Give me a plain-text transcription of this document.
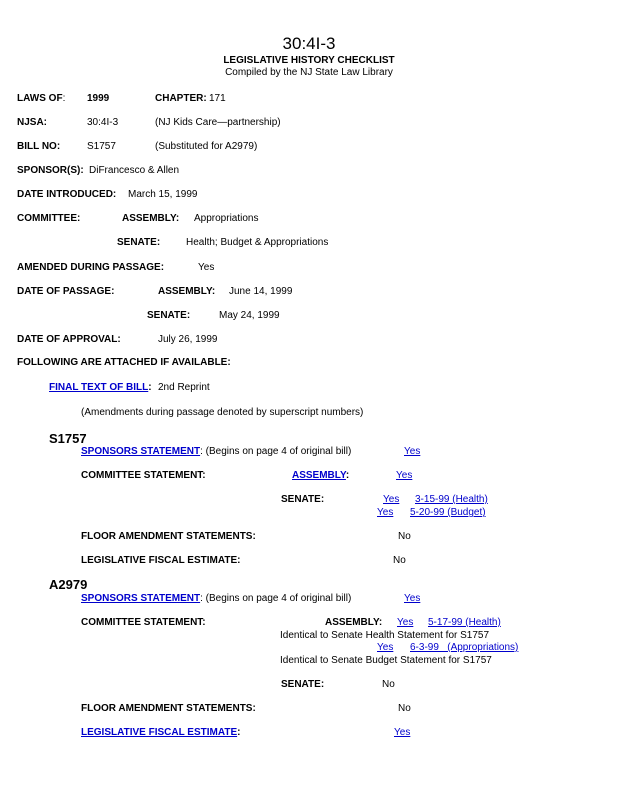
30:4I-3
LEGISLATIVE HISTORY CHECKLIST
Compiled by the NJ State Law Library
LAWS OF: 1999	CHAPTER: 171
NJSA:	30:4I-3	(NJ Kids Care—partnership)
BILL NO:	S1757	(Substituted for A2979)
SPONSOR(S): DiFrancesco & Allen
DATE INTRODUCED: March 15, 1999
COMMITTEE:	ASSEMBLY: Appropriations
SENATE:	Health; Budget & Appropriations
AMENDED DURING PASSAGE:	Yes
DATE OF PASSAGE:	ASSEMBLY: June 14, 1999
SENATE:	May 24, 1999
DATE OF APPROVAL:	July 26, 1999
FOLLOWING ARE ATTACHED IF AVAILABLE:
FINAL TEXT OF BILL: 2nd Reprint
(Amendments during passage denoted by superscript numbers)
S1757
SPONSORS STATEMENT: (Begins on page 4 of original bill)	Yes
COMMITTEE STATEMENT:	ASSEMBLY:	Yes
SENATE:	Yes 3-15-99 (Health)
Yes 5-20-99 (Budget)
FLOOR AMENDMENT STATEMENTS:	No
LEGISLATIVE FISCAL ESTIMATE:	No
A2979
SPONSORS STATEMENT: (Begins on page 4 of original bill)	Yes
COMMITTEE STATEMENT:	ASSEMBLY: Yes 5-17-99 (Health)
Identical to Senate Health Statement for S1757
Yes 6-3-99   (Appropriations)
Identical to Senate Budget Statement for S1757
SENATE:	No
FLOOR AMENDMENT STATEMENTS:	No
LEGISLATIVE FISCAL ESTIMATE:	Yes
